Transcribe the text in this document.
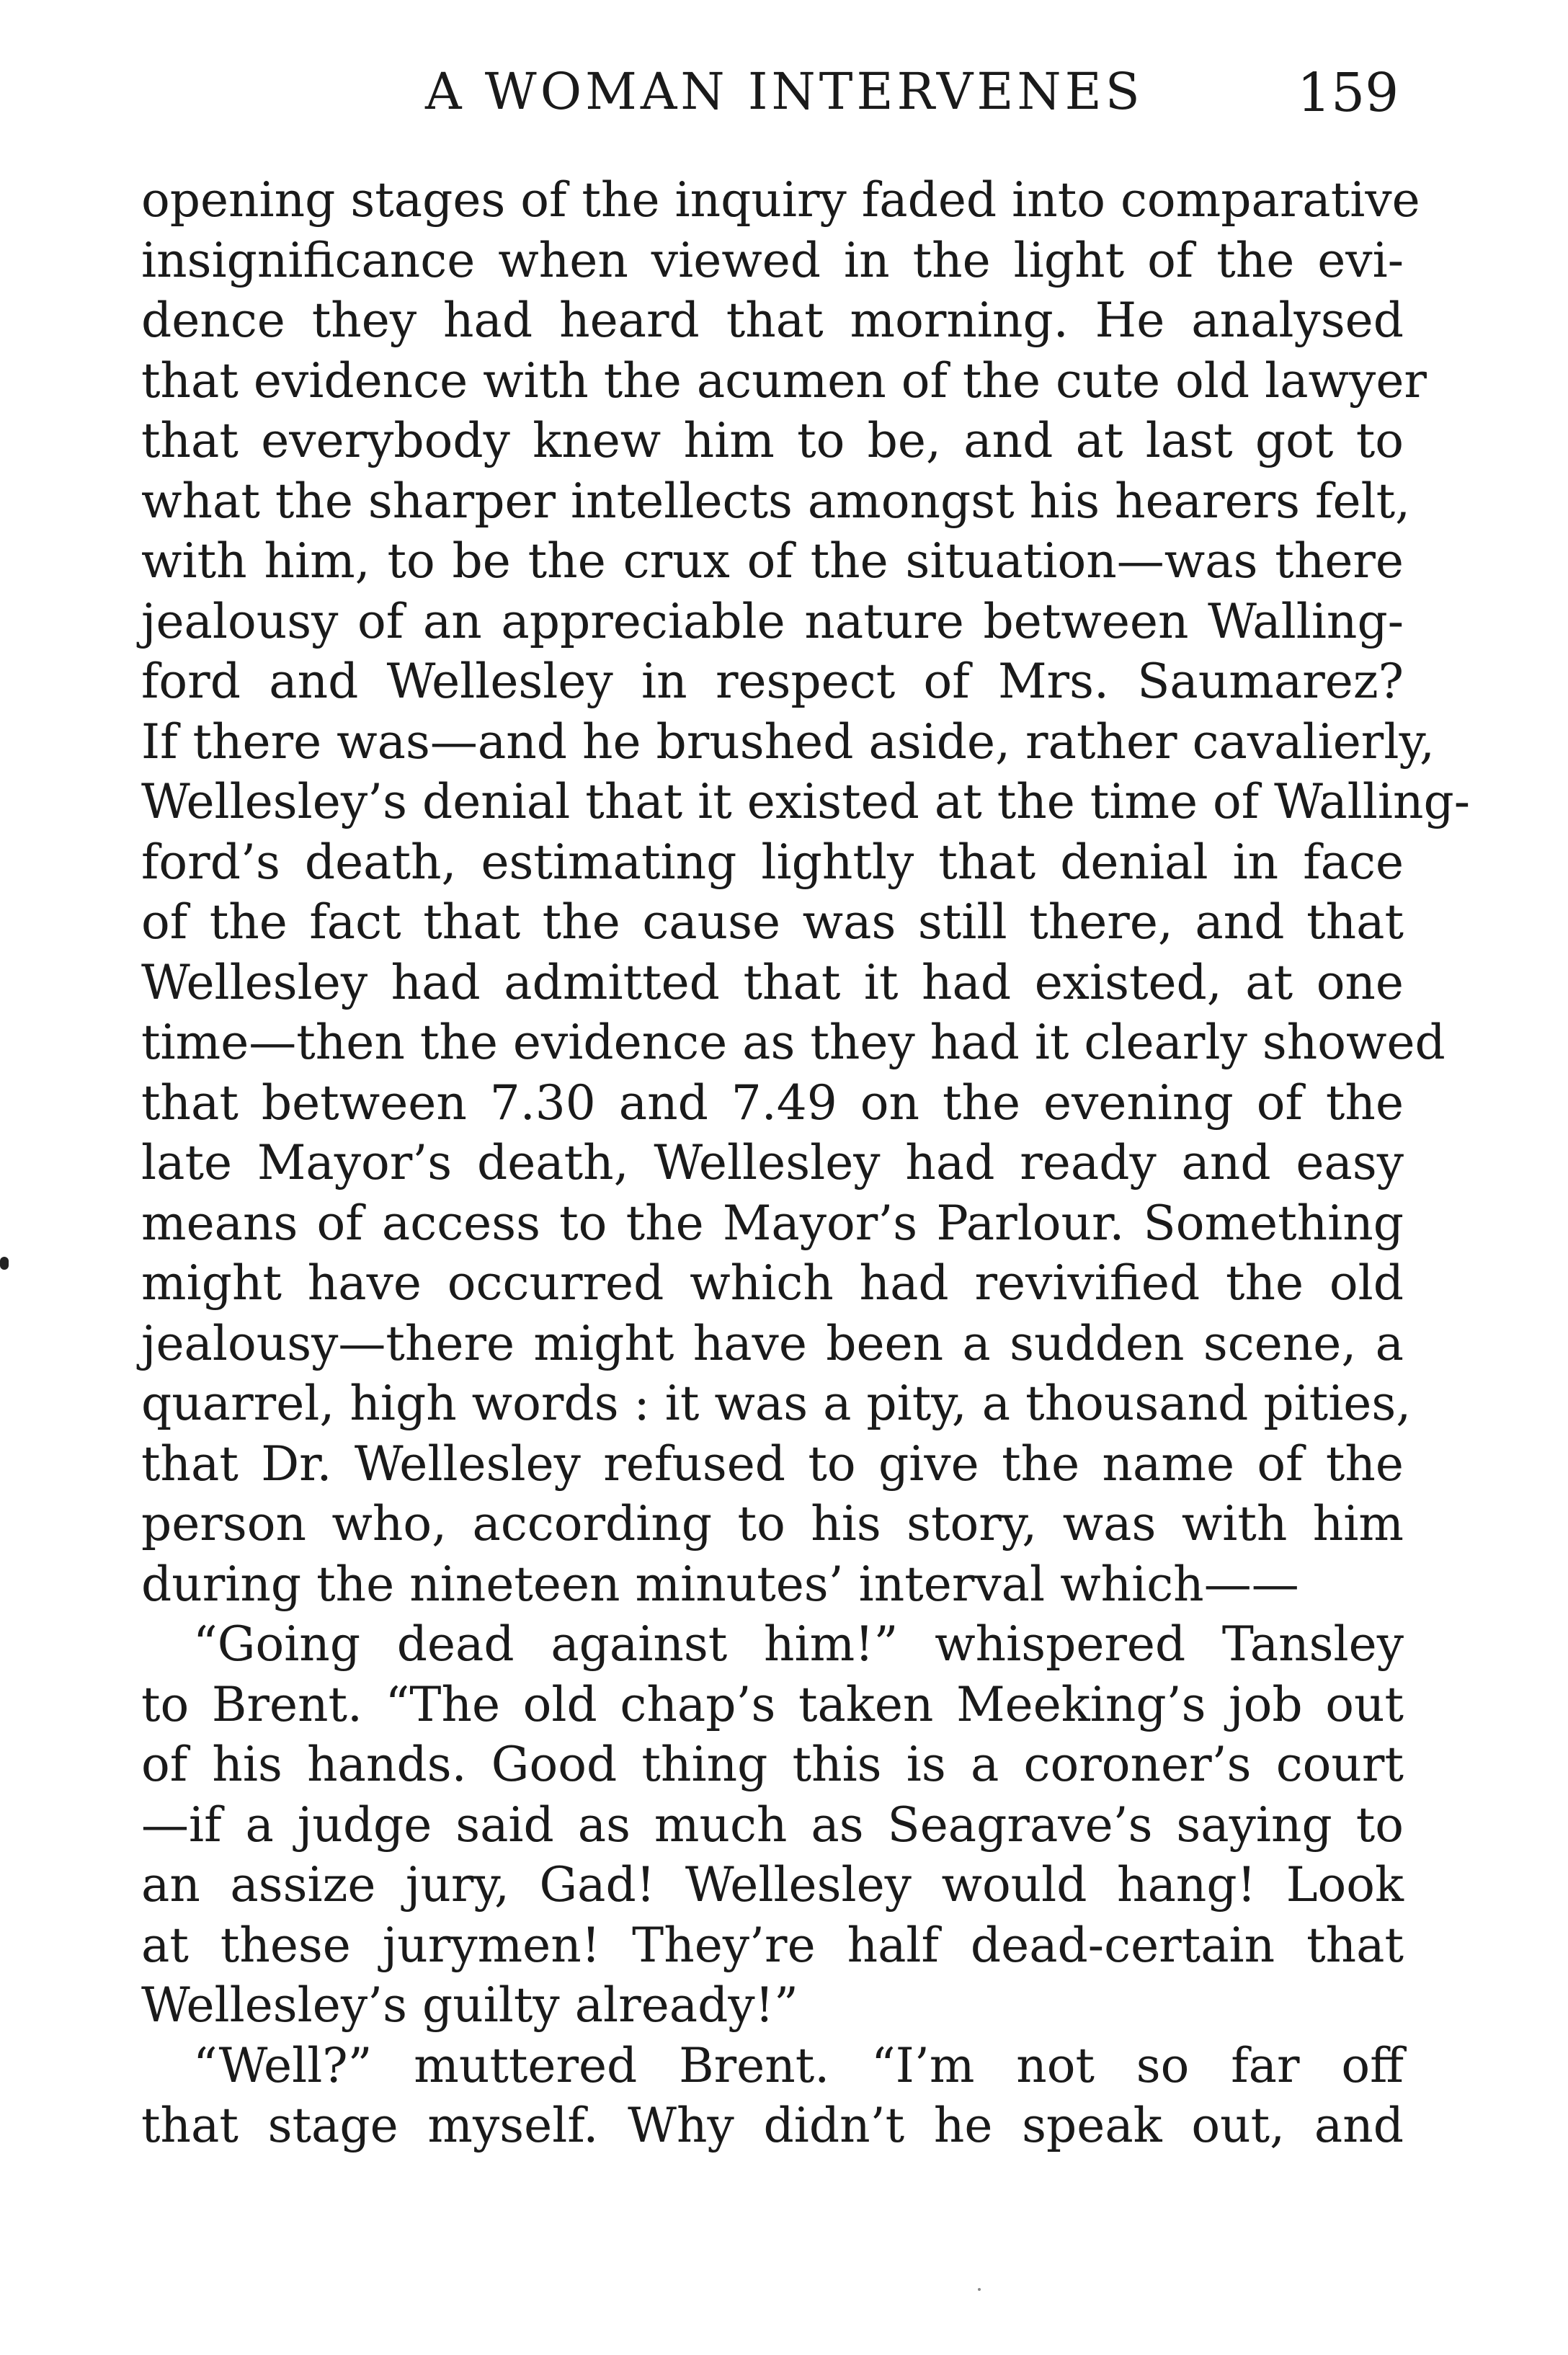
A WOMAN INTERVENES	159
opening stages of the inquiry faded into comparative
insignificance when viewed in the light of the evi-
dence they had heard that morning. He analysed
that evidence with the acumen of the cute old lawyer
that everybody knew him to be, and at last got to
what the sharper intellects amongst his hearers felt,
with him, to be the crux of the situation—was there
jealousy of an appreciable nature between Walling-
ford and Wellesley in respect of Mrs. Saumarez?
If there was—and he brushed aside, rather cavalierly,
Wellesley’s denial that it existed at the time of Walling-
ford’s death, estimating lightly that denial in face
of the fact that the cause was still there, and that
Wellesley had admitted that it had existed, at one
time—then the evidence as they had it clearly showed
that between 7.30 and 7.49 on the evening of the
late Mayor’s death, Wellesley had ready and easy
means of access to the Mayor’s Parlour. Something
might have occurred which had revivified the old
jealousy—there might have been a sudden scene, a
quarrel, high words : it was a pity, a thousand pities,
that Dr. Wellesley refused to give the name of the
person who, according to his story, was with him
during the nineteen minutes’ interval which——
“Going dead against him!” whispered Tansley
to Brent. “The old chap’s taken Meeking’s job out
of his hands. Good thing this is a coroner’s court
—if a judge said as much as Seagrave’s saying to
an assize jury, Gad! Wellesley would hang! Look
at these jurymen! They’re half dead-certain that
Wellesley’s guilty already!”
“Well?” muttered Brent. “I’m not so far off
that stage myself. Why didn’t he speak out, and
